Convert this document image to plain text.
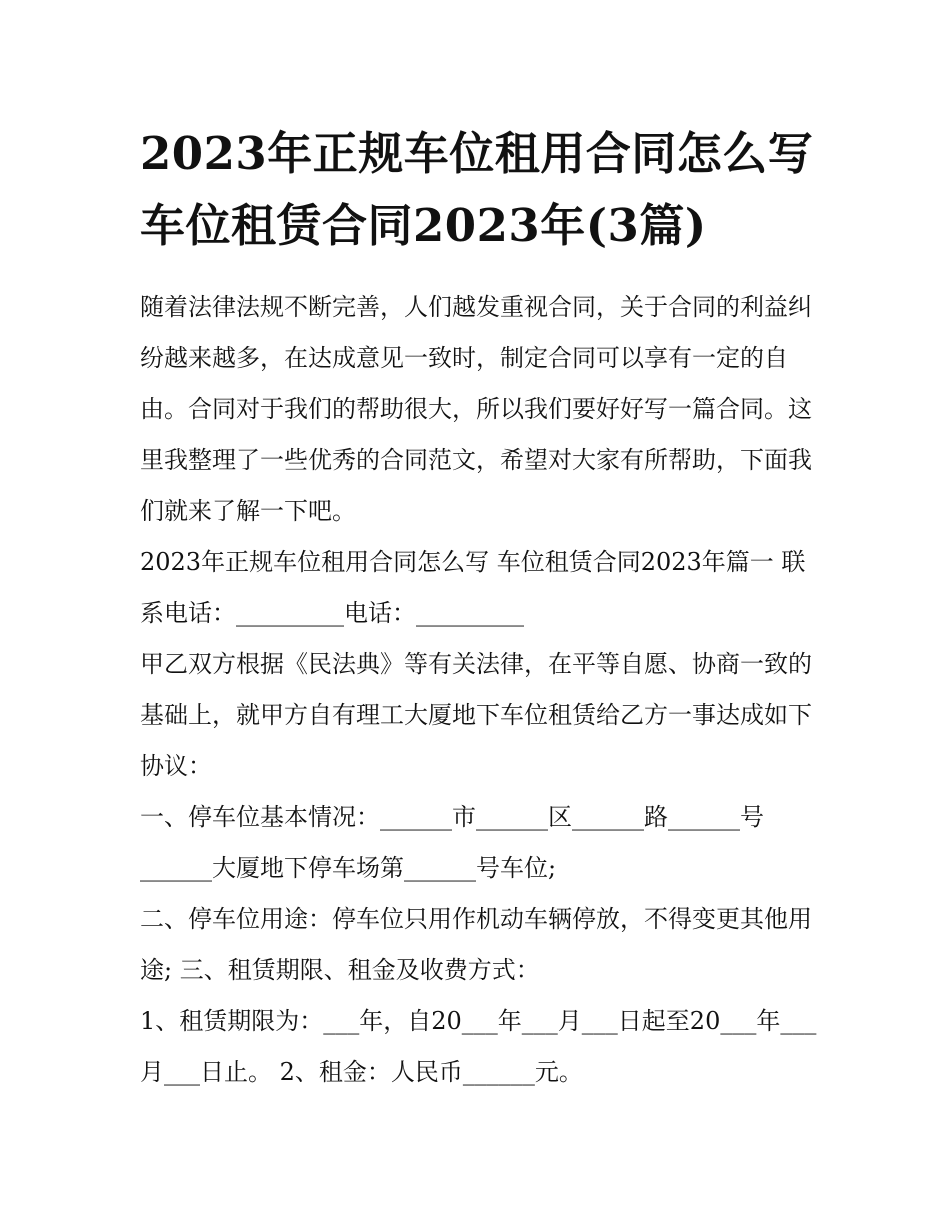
2023年正规车位租用合同怎么写 车位租赁合同2023年(3篇)

随着法律法规不断完善，人们越发重视合同，关于合同的利益纠纷越来越多，在达成意见一致时，制定合同可以享有一定的自由。合同对于我们的帮助很大，所以我们要好好写一篇合同。这里我整理了一些优秀的合同范文，希望对大家有所帮助，下面我们就来了解一下吧。

2023年正规车位租用合同怎么写 车位租赁合同2023年篇一 联系电话：_________电话：_________

甲乙双方根据《民法典》等有关法律，在平等自愿、协商一致的基础上，就甲方自有理工大厦地下车位租赁给乙方一事达成如下协议：

一、停车位基本情况：______市______区______路______号______大厦地下停车场第______号车位;

二、停车位用途：停车位只用作机动车辆停放，不得变更其他用途; 三、租赁期限、租金及收费方式：

1、租赁期限为：___年，自20___年___月___日起至20___年___月___日止。 2、租金：人民币______元。
